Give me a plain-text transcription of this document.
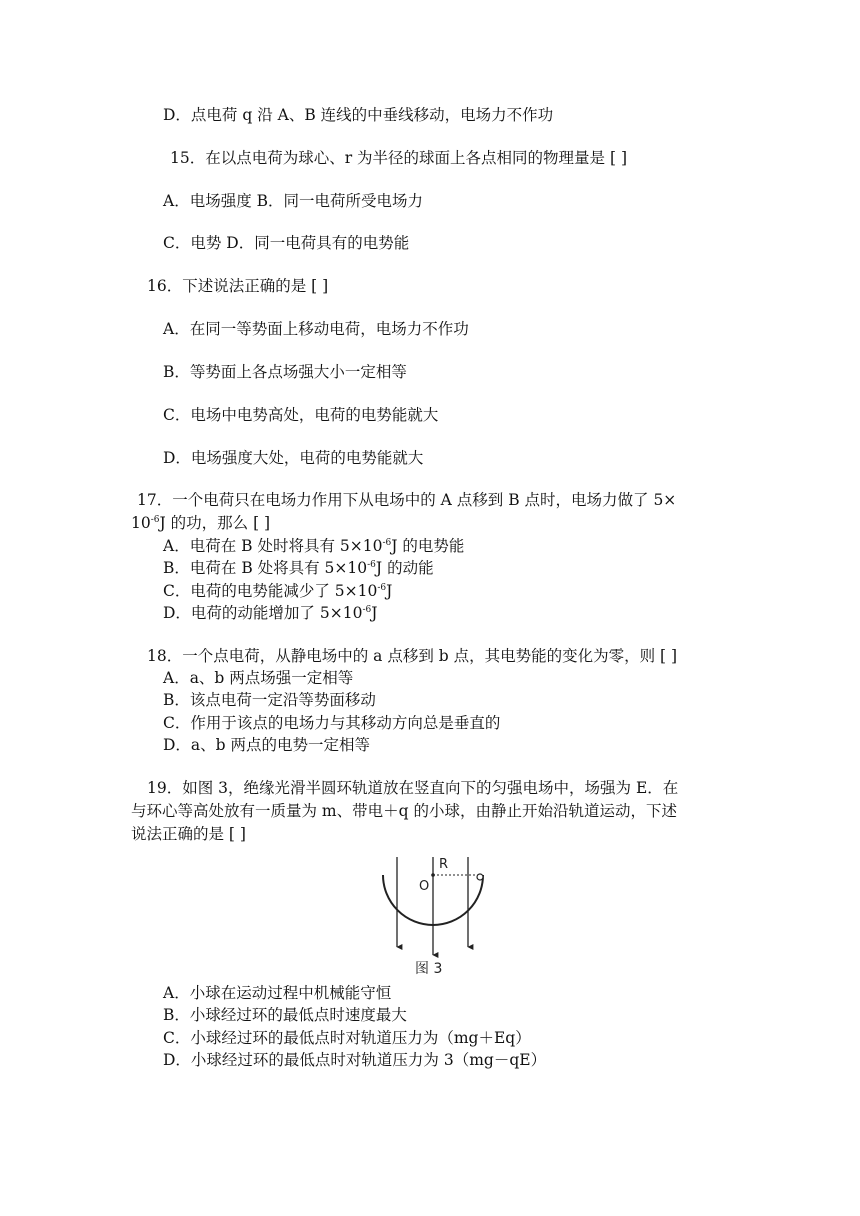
D．点电荷 q 沿 A、B 连线的中垂线移动，电场力不作功
15．在以点电荷为球心、r 为半径的球面上各点相同的物理量是 [ ]
A．电场强度 B．同一电荷所受电场力
C．电势 D．同一电荷具有的电势能
16．下述说法正确的是 [ ]
A．在同一等势面上移动电荷，电场力不作功
B．等势面上各点场强大小一定相等
C．电场中电势高处，电荷的电势能就大
D．电场强度大处，电荷的电势能就大
17．一个电荷只在电场力作用下从电场中的 A 点移到 B 点时，电场力做了 5×
$10^{-6}J$ 的功，那么 [ ]
A．电荷在 B 处时将具有 $5\times 10^{-6}J$ 的电势能
B．电荷在 B 处将具有 $5\times 10^{-6}J$ 的动能
C．电荷的电势能减少了 $5\times 10^{-6}J$
D．电荷的动能增加了 $5\times 10^{-6}J$
18．一个点电荷，从静电场中的 a 点移到 b 点，其电势能的变化为零，则 [ ]
A．a、b 两点场强一定相等
B．该点电荷一定沿等势面移动
C．作用于该点的电场力与其移动方向总是垂直的
D．a、b 两点的电势一定相等
19．如图 3，绝缘光滑半圆环轨道放在竖直向下的匀强电场中，场强为 E．在
与环心等高处放有一质量为 m、带电＋q 的小球，由静止开始沿轨道运动，下述
说法正确的是 [ ]
R
O
图 3
A．小球在运动过程中机械能守恒
B．小球经过环的最低点时速度最大
C．小球经过环的最低点时对轨道压力为（mg＋Eq）
D．小球经过环的最低点时对轨道压力为 3（mg－qE）
